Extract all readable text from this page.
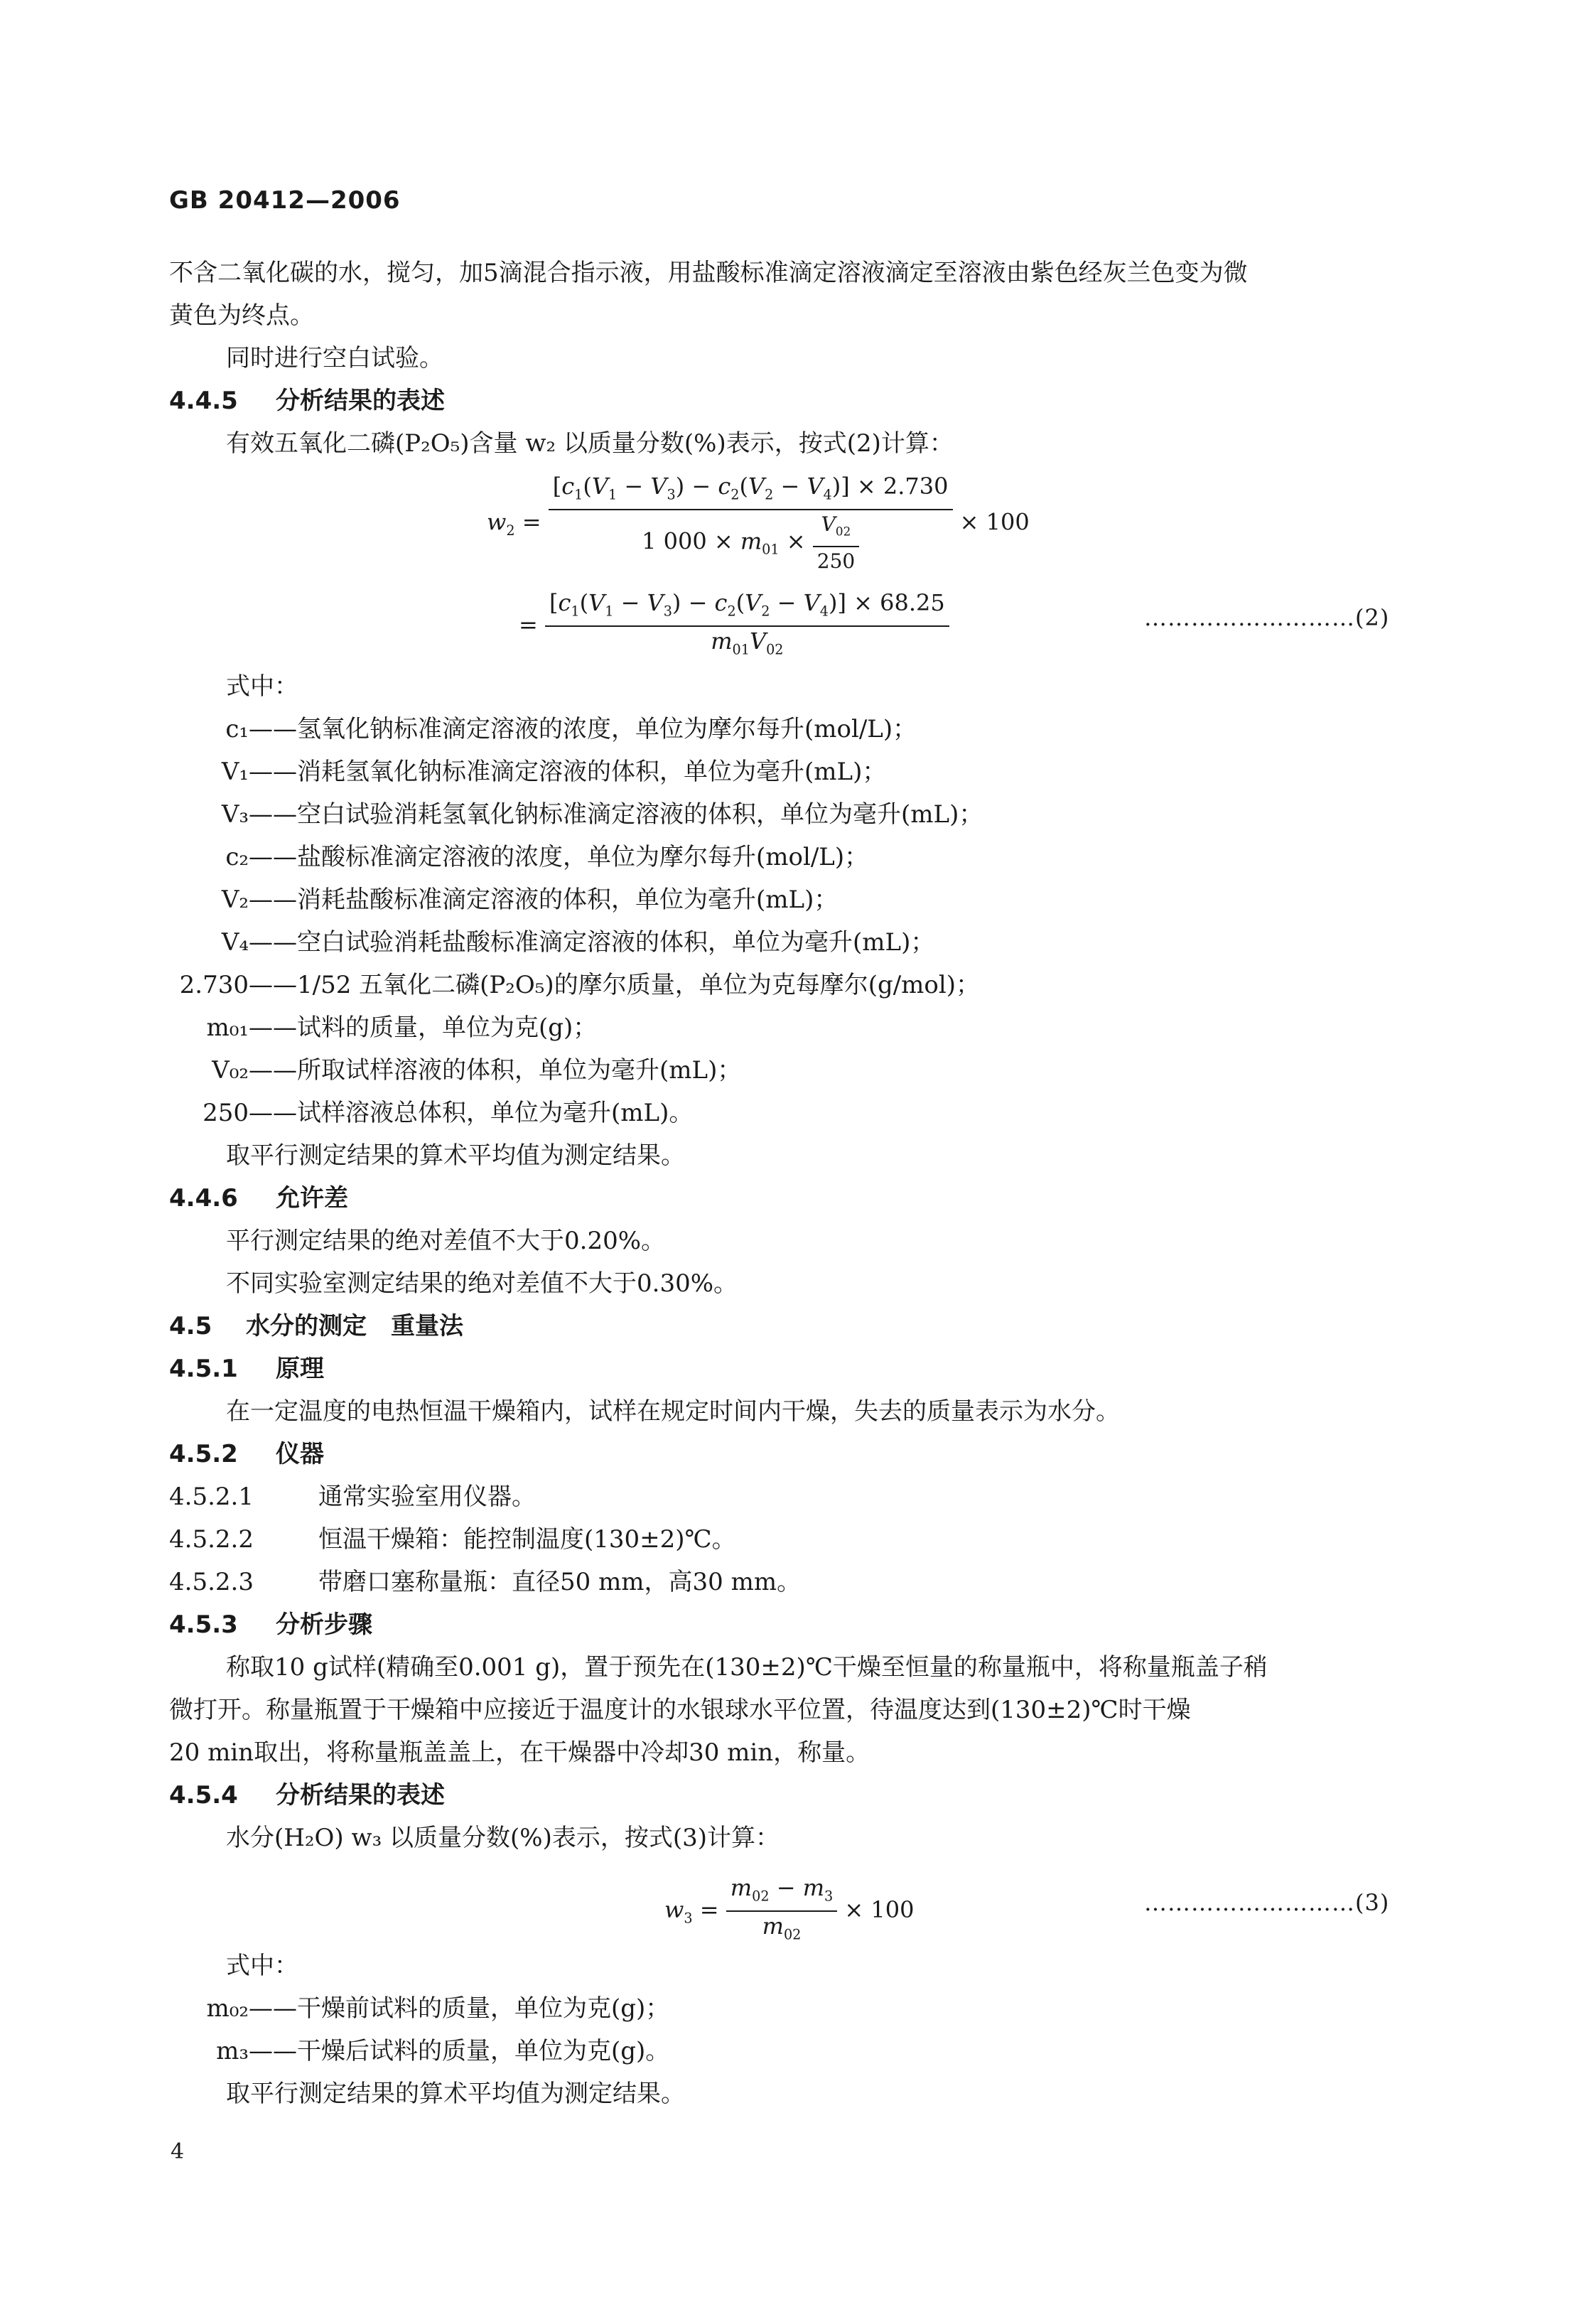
GB 20412—2006
不含二氧化碳的水，搅匀，加5滴混合指示液，用盐酸标准滴定溶液滴定至溶液由紫色经灰兰色变为微
黄色为终点。
同时进行空白试验。
4.4.5 分析结果的表述
有效五氧化二磷(P₂O₅)含量 w₂ 以质量分数(%)表示，按式(2)计算：
$w_2 = \frac{[c_1(V_1 - V_3) - c_2(V_2 - V_4)] \times 2.730}{1 000 \times m_{01} \times \frac{V_{02}}{250}} \times 100$
= $\frac{[c_1(V_1 - V_3) - c_2(V_2 - V_4)] \times 68.25}{m_{01}V_{02}}$	………………………(2)
式中：
c₁——氢氧化钠标准滴定溶液的浓度，单位为摩尔每升(mol/L)；
V₁——消耗氢氧化钠标准滴定溶液的体积，单位为毫升(mL)；
V₃——空白试验消耗氢氧化钠标准滴定溶液的体积，单位为毫升(mL)；
c₂——盐酸标准滴定溶液的浓度，单位为摩尔每升(mol/L)；
V₂——消耗盐酸标准滴定溶液的体积，单位为毫升(mL)；
V₄——空白试验消耗盐酸标准滴定溶液的体积，单位为毫升(mL)；
2.730——1/52 五氧化二磷(P₂O₅)的摩尔质量，单位为克每摩尔(g/mol)；
m₀₁——试料的质量，单位为克(g)；
V₀₂——所取试样溶液的体积，单位为毫升(mL)；
250——试样溶液总体积，单位为毫升(mL)。
取平行测定结果的算术平均值为测定结果。
4.4.6 允许差
平行测定结果的绝对差值不大于0.20%。
不同实验室测定结果的绝对差值不大于0.30%。
4.5 水分的测定　重量法
4.5.1 原理
在一定温度的电热恒温干燥箱内，试样在规定时间内干燥，失去的质量表示为水分。
4.5.2 仪器
4.5.2.1	通常实验室用仪器。
4.5.2.2	恒温干燥箱：能控制温度(130±2)℃。
4.5.2.3	带磨口塞称量瓶：直径50 mm，高30 mm。
4.5.3 分析步骤
称取10 g试样(精确至0.001 g)，置于预先在(130±2)℃干燥至恒量的称量瓶中，将称量瓶盖子稍
微打开。称量瓶置于干燥箱中应接近于温度计的水银球水平位置，待温度达到(130±2)℃时干燥
20 min取出，将称量瓶盖盖上，在干燥器中冷却30 min，称量。
4.5.4 分析结果的表述
水分(H₂O) w₃ 以质量分数(%)表示，按式(3)计算：
$w_3 = \frac{m_{02} - m_3}{m_{02}} \times 100$	………………………(3)
式中：
m₀₂——干燥前试料的质量，单位为克(g)；
m₃——干燥后试料的质量，单位为克(g)。
取平行测定结果的算术平均值为测定结果。
4
